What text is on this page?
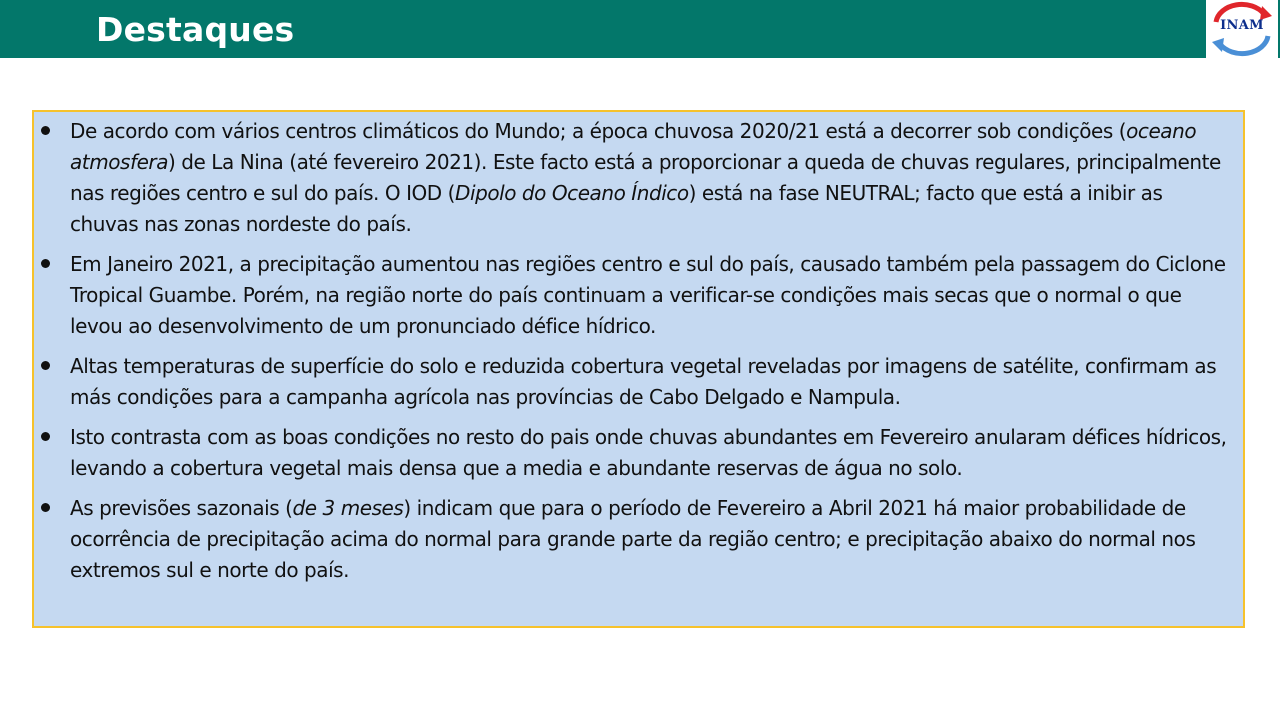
Destaques	INAM
De acordo com vários centros climáticos do Mundo; a época chuvosa 2020/21 está a decorrer sob condições (oceano atmosfera) de La Nina (até fevereiro 2021). Este facto está a proporcionar a queda de chuvas regulares, principalmente nas regiões centro e sul do país. O IOD (Dipolo do Oceano Índico) está na fase NEUTRAL; facto que está a inibir as chuvas nas zonas nordeste do país.
Em Janeiro 2021, a precipitação aumentou nas regiões centro e sul do país, causado também pela passagem do Ciclone Tropical Guambe. Porém, na região norte do país continuam a verificar-se condições mais secas que o normal o que levou ao desenvolvimento de um pronunciado défice hídrico.
Altas temperaturas de superfície do solo e reduzida cobertura vegetal reveladas por imagens de satélite, confirmam as más condições para a campanha agrícola nas províncias de Cabo Delgado e Nampula.
Isto contrasta com as boas condições no resto do pais onde chuvas abundantes em Fevereiro anularam défices hídricos, levando a cobertura vegetal mais densa que a media e abundante reservas de água no solo.
As previsões sazonais (de 3 meses) indicam que para o período de Fevereiro a Abril 2021 há maior probabilidade de ocorrência de precipitação acima do normal para grande parte da região centro; e precipitação abaixo do normal nos extremos sul e norte do país.
